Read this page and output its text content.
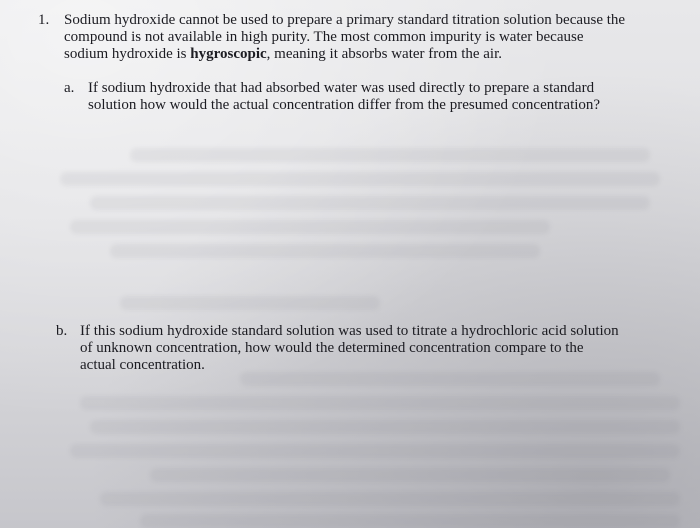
1. Sodium hydroxide cannot be used to prepare a primary standard titration solution because the

compound is not available in high purity. The most common impurity is water because

sodium hydroxide is hygroscopic, meaning it absorbs water from the air.

a. If sodium hydroxide that had absorbed water was used directly to prepare a standard
solution how would the actual concentration differ from the presumed concentration?
b. If this sodium hydroxide standard solution was used to titrate a hydrochloric acid solution
of unknown concentration, how would the determined concentration compare to the
actual concentration.
